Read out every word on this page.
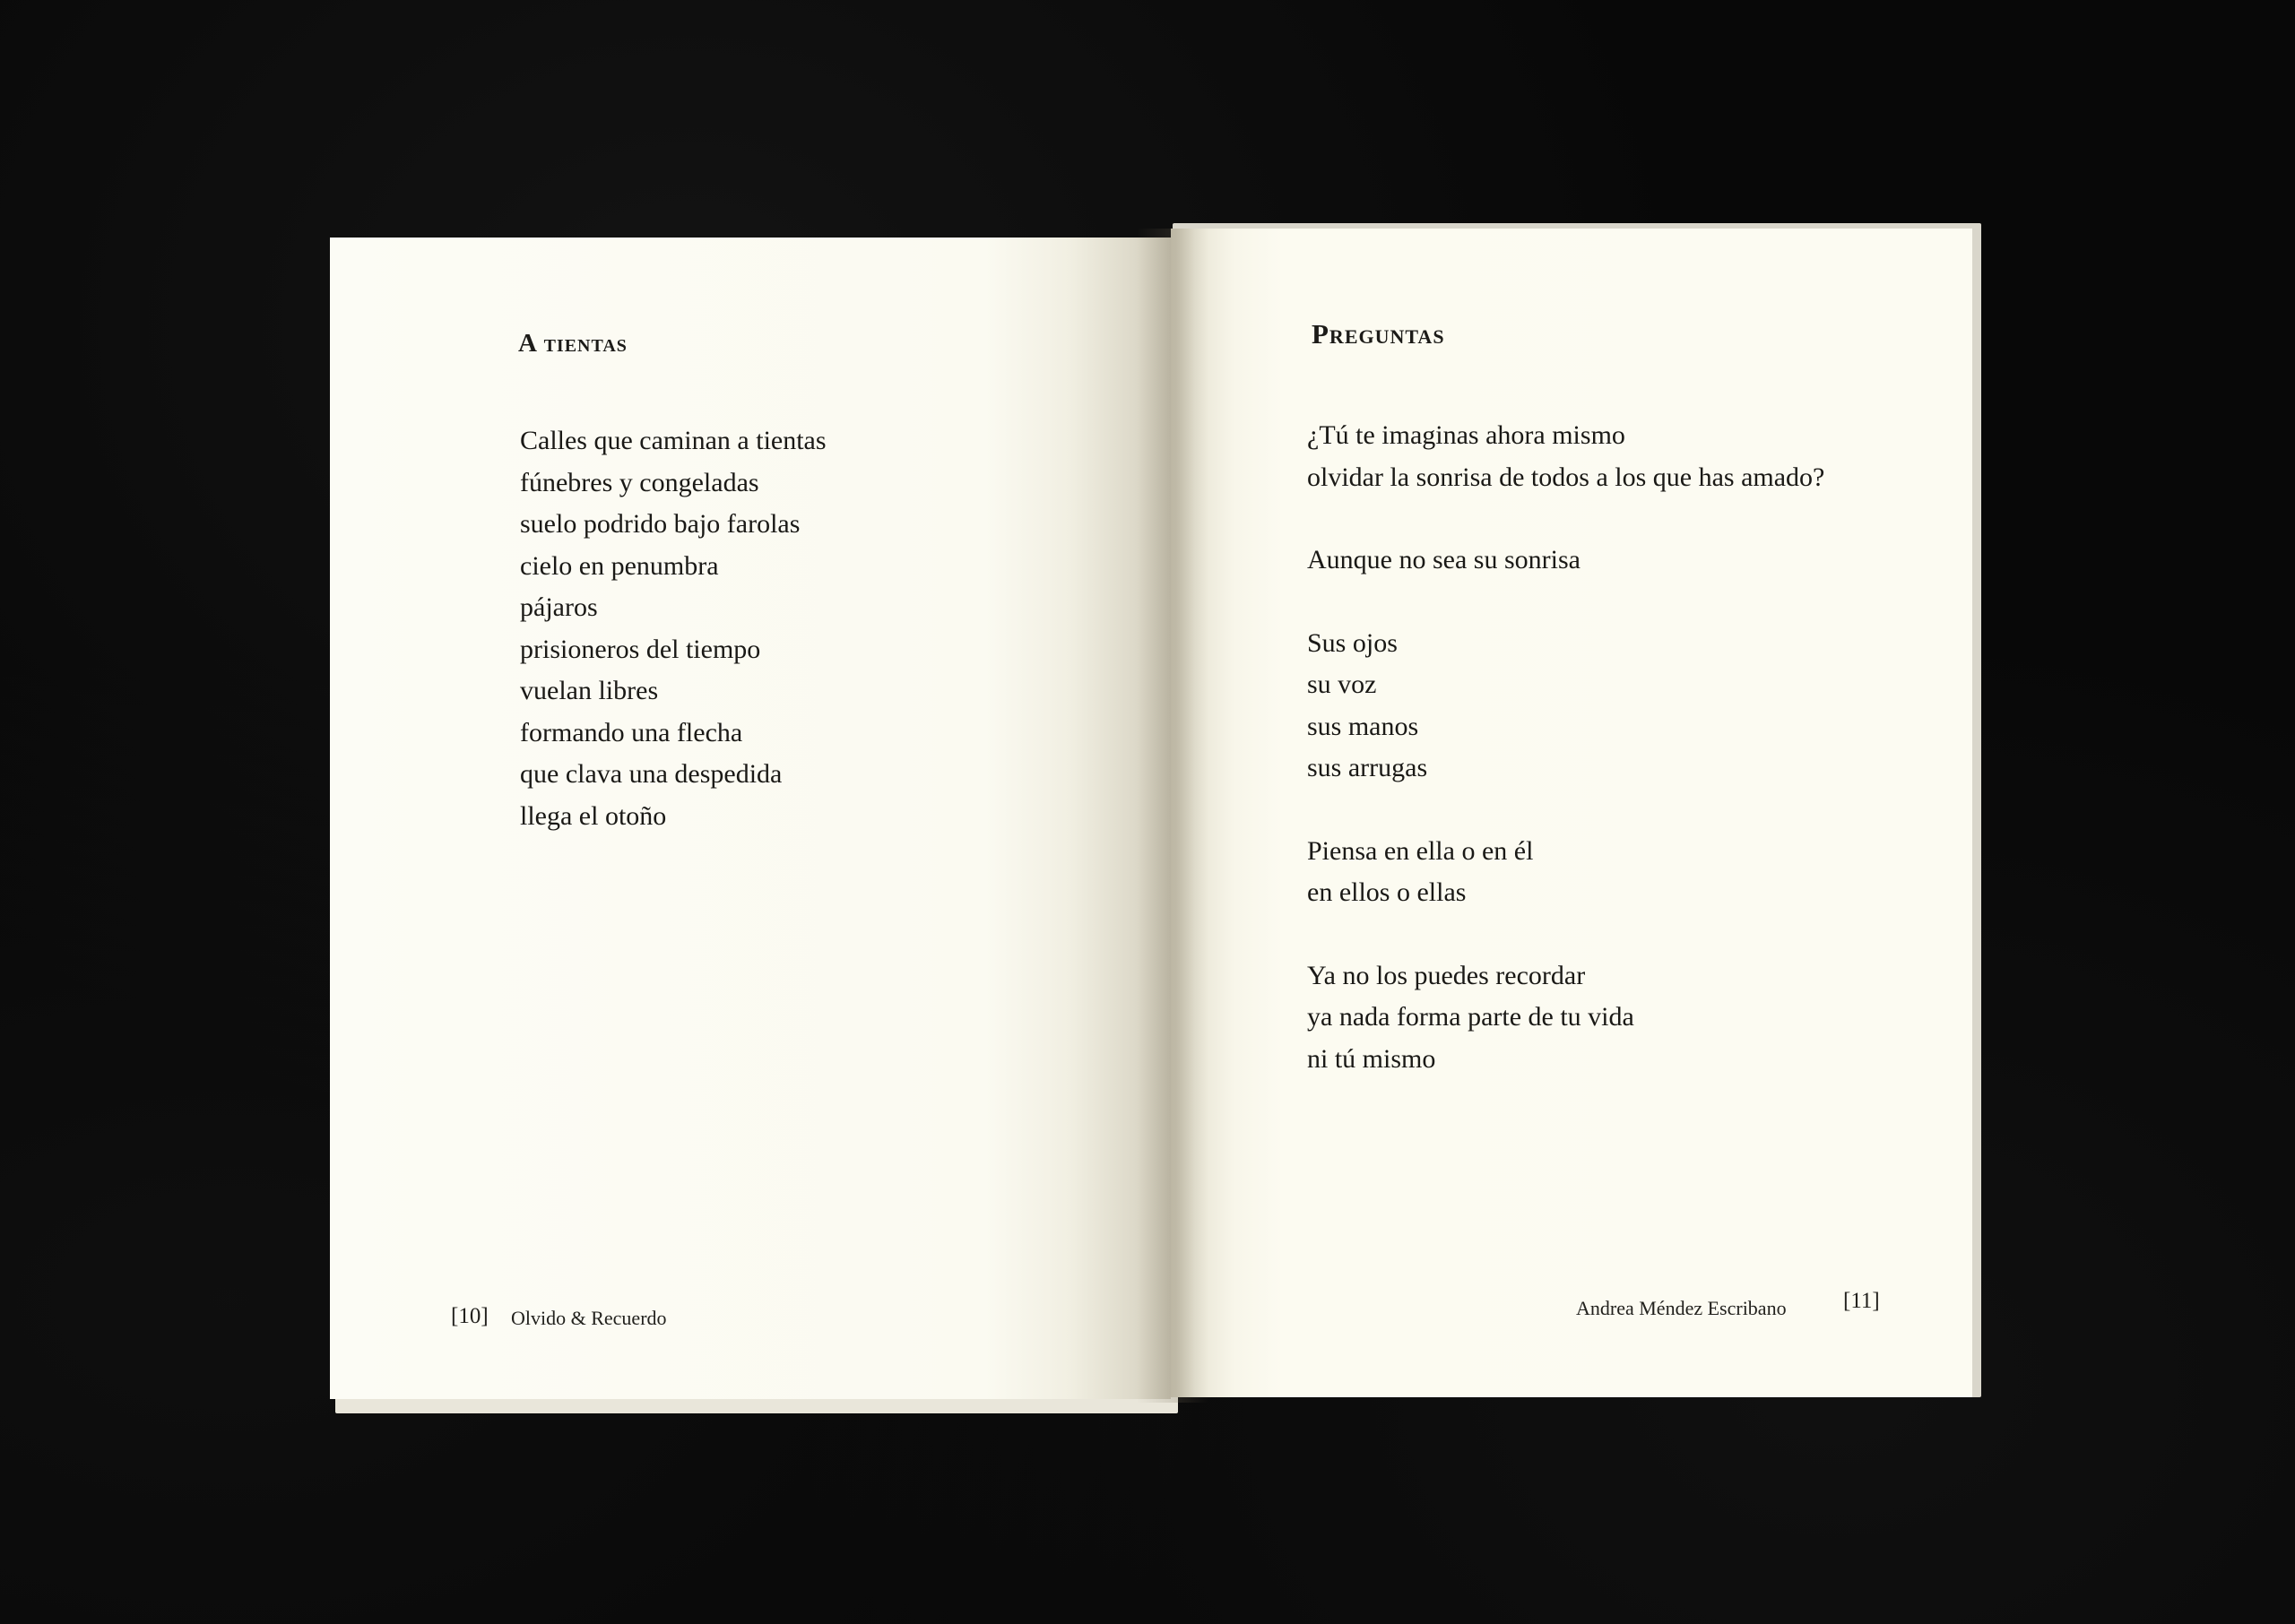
A tientas
Calles que caminan a tientas
fúnebres y congeladas
suelo podrido bajo farolas
cielo en penumbra
pájaros
prisioneros del tiempo
vuelan libres
formando una flecha
que clava una despedida
llega el otoño
[10] Olvido & Recuerdo
Preguntas
¿Tú te imaginas ahora mismo
olvidar la sonrisa de todos a los que has amado?
Aunque no sea su sonrisa
Sus ojos
su voz
sus manos
sus arrugas
Piensa en ella o en él
en ellos o ellas
Ya no los puedes recordar
ya nada forma parte de tu vida
ni tú mismo
Andrea Méndez Escribano	[11]
